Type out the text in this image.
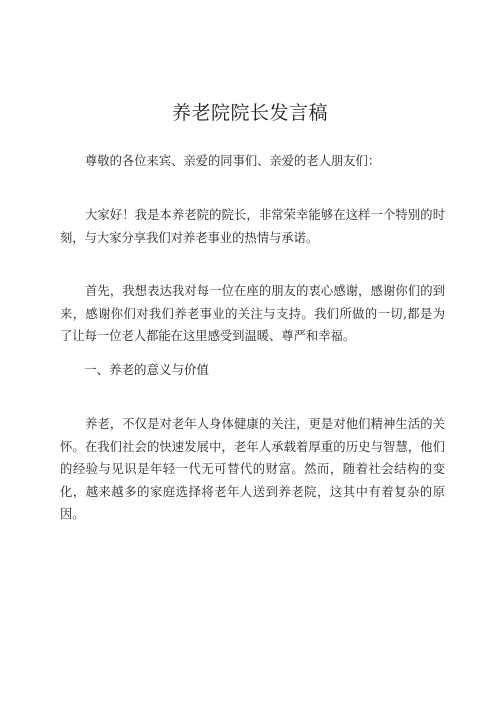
养老院院长发言稿

尊敬的各位来宾、亲爱的同事们、亲爱的老人朋友们：

大家好！我是本养老院的院长，非常荣幸能够在这样一个特别的时刻，与大家分享我们对养老事业的热情与承诺。

首先，我想表达我对每一位在座的朋友的衷心感谢，感谢你们的到来，感谢你们对我们养老事业的关注与支持。我们所做的一切,都是为了让每一位老人都能在这里感受到温暖、尊严和幸福。

一、养老的意义与价值

养老，不仅是对老年人身体健康的关注，更是对他们精神生活的关怀。在我们社会的快速发展中，老年人承载着厚重的历史与智慧，他们的经验与见识是年轻一代无可替代的财富。然而，随着社会结构的变化，越来越多的家庭选择将老年人送到养老院，这其中有着复杂的原因。
